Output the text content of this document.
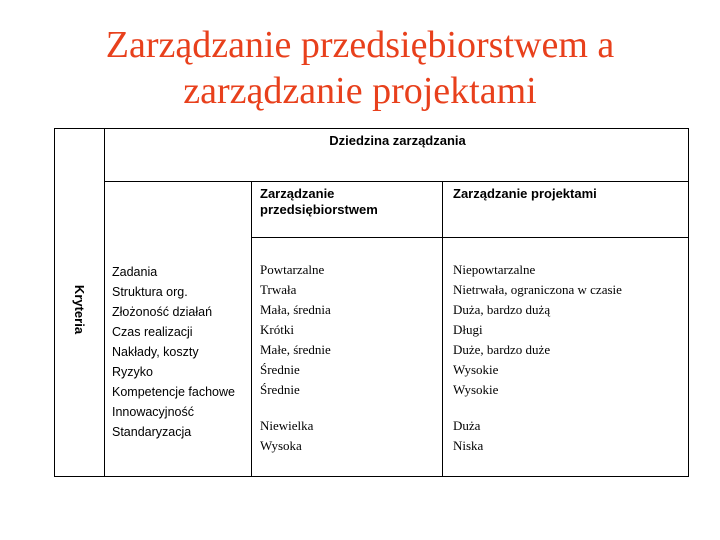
Zarządzanie przedsiębiorstwem a
zarządzanie projektami
Kryteria
Dziedzina zarządzania
Zarządzanie przedsiębiorstwem
Zarządzanie projektami
Zadania
Struktura org.
Złożoność działań
Czas realizacji
Nakłady, koszty
Ryzyko
Kompetencje fachowe
Innowacyjność
Standaryzacja
Powtarzalne
Trwała
Mała, średnia
Krótki
Małe, średnie
Średnie
Średnie
Niewielka
Wysoka
Niepowtarzalne
Nietrwała, ograniczona w czasie
Duża, bardzo dużą
Długi
Duże, bardzo duże
Wysokie
Wysokie
Duża
Niska
